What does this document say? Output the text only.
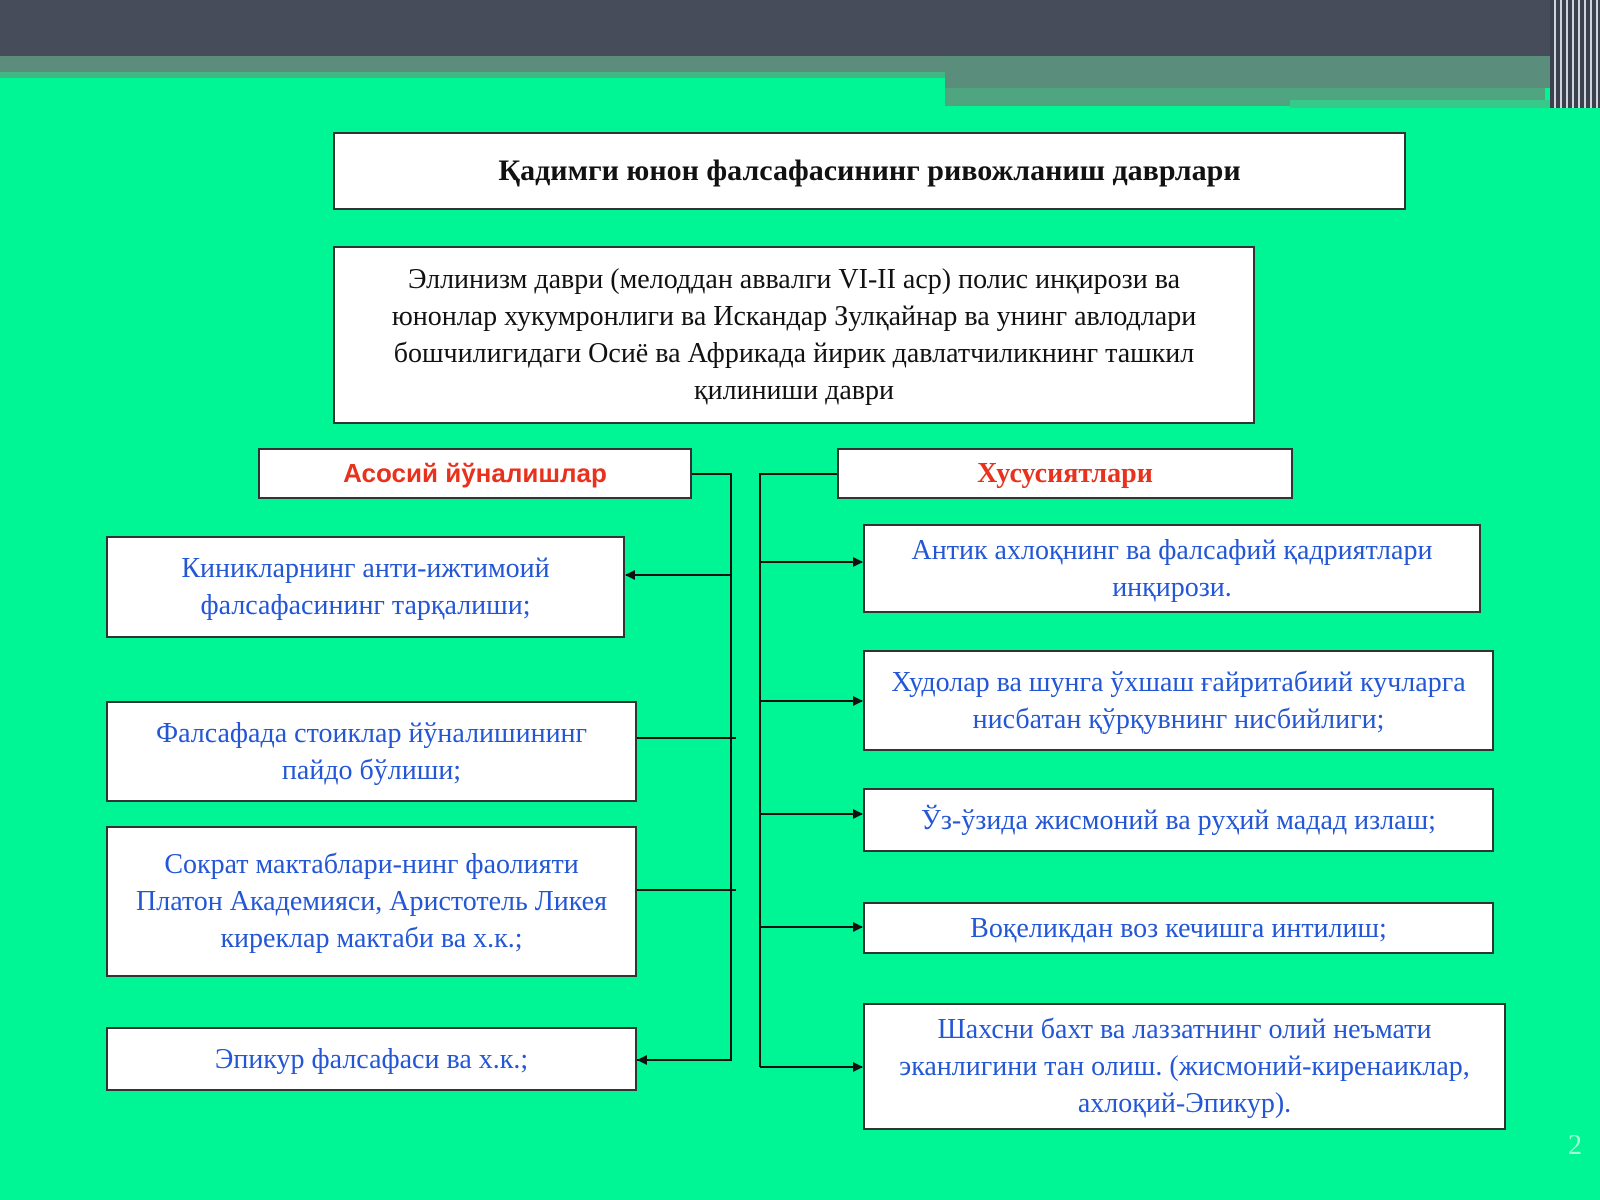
Қадимги юнон фалсафасининг ривожланиш даврлари
Эллинизм даври (мелоддан аввалги VI-II аср) полис инқирози ва юнонлар хукумронлиги ва Искандар Зулқайнар ва унинг авлодлари бошчилигидаги Осиё ва Африкада йирик давлатчиликнинг ташкил қилиниши даври
Асосий йўналишлар	Хусусиятлари
Киникларнинг анти-ижтимоий фалсафасининг тарқалиши;
Фалсафада стоиклар йўналишининг пайдо бўлиши;
Сократ мактаблари-нинг фаолияти Платон Академияси, Аристотель Ликея киреклар мактаби ва х.к.;
Эпикур фалсафаси ва х.к.;
Антик ахлоқнинг ва фалсафий қадриятлари инқирози.
Худолар ва шунга ўхшаш ғайритабиий кучларга нисбатан қўрқувнинг нисбийлиги;
Ўз-ўзида жисмоний ва руҳий мадад излаш;
Воқеликдан воз кечишга интилиш;
Шахсни бахт ва лаззатнинг олий неъмати эканлигини тан олиш. (жисмоний-киренаиклар, ахлоқий-Эпикур).
2
